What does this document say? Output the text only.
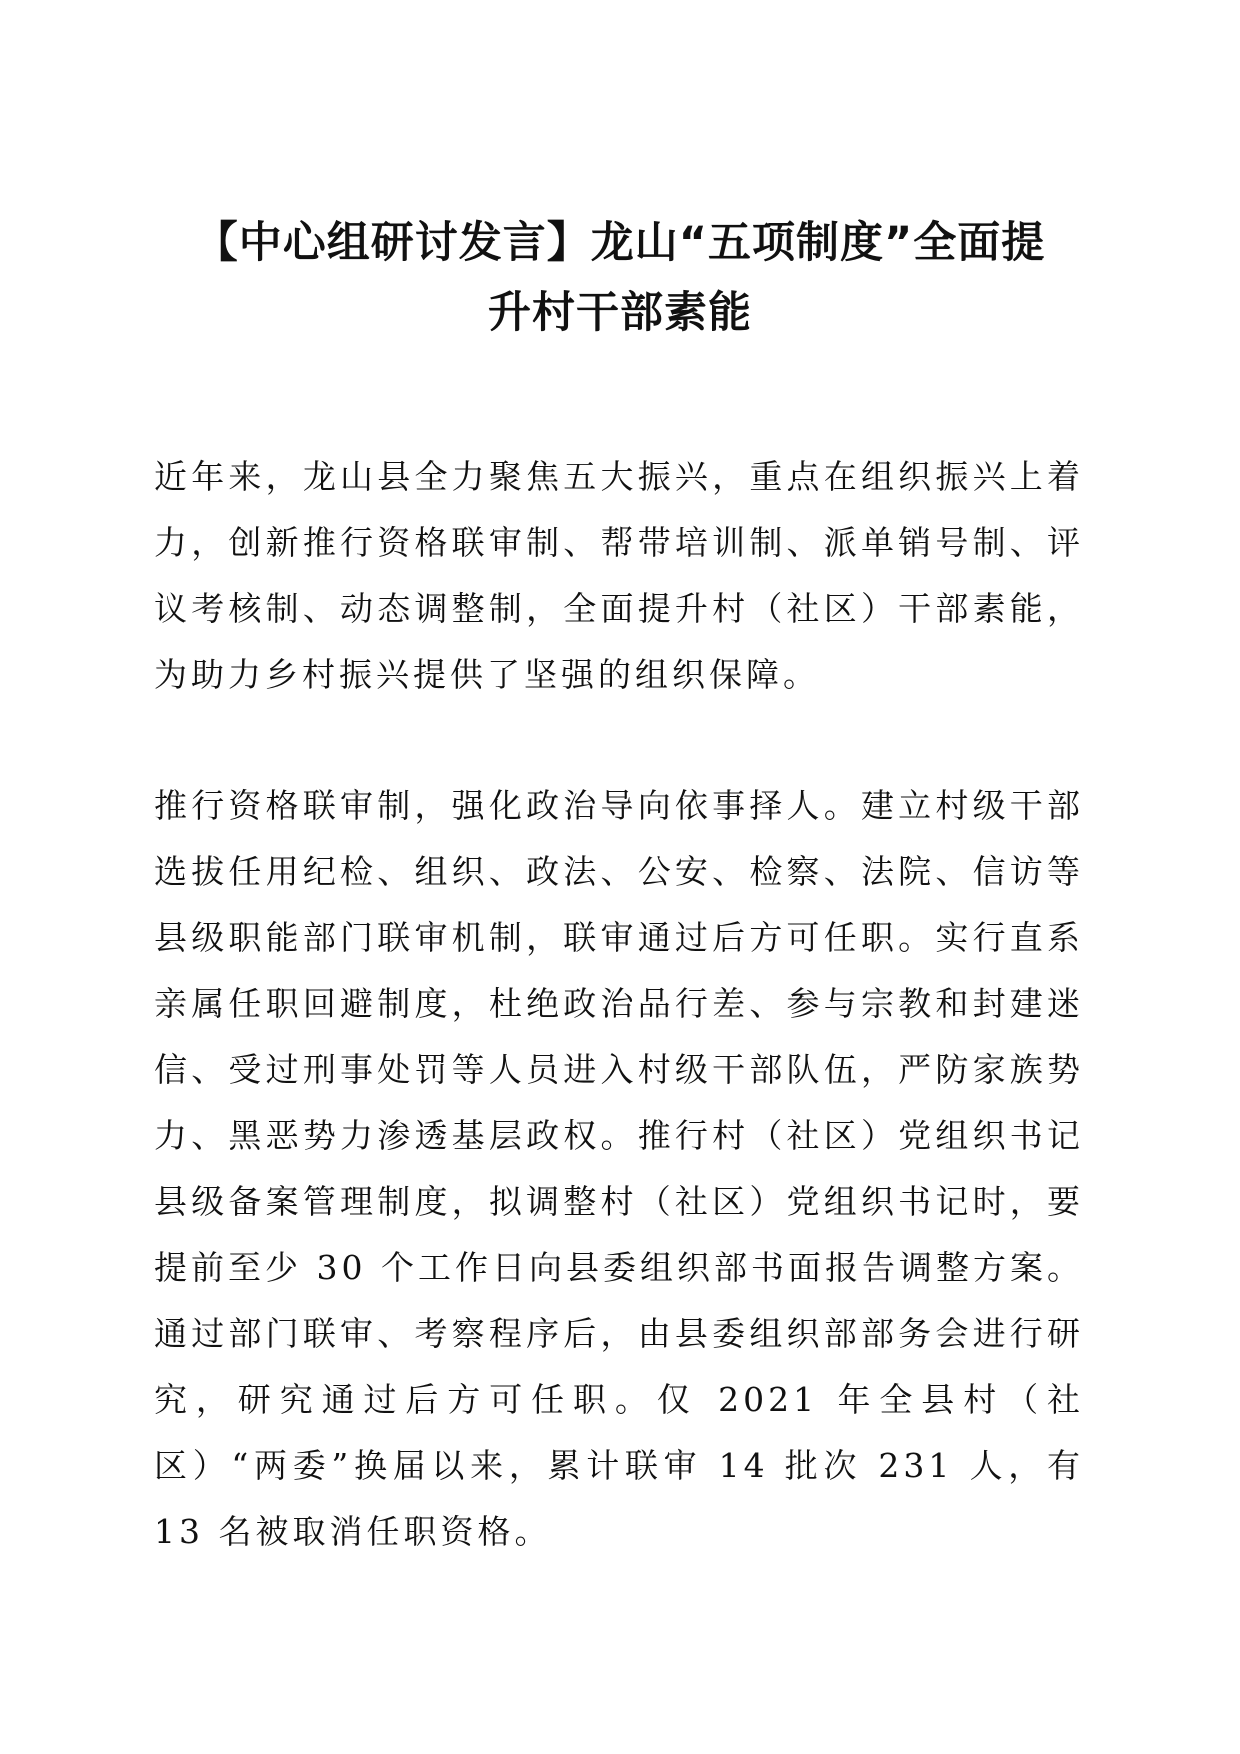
【中心组研讨发言】龙山“五项制度”全面提
升村干部素能

近年来，龙山县全力聚焦五大振兴，重点在组织振兴上着力，创新推行资格联审制、帮带培训制、派单销号制、评议考核制、动态调整制，全面提升村（社区）干部素能，为助力乡村振兴提供了坚强的组织保障。

推行资格联审制，强化政治导向依事择人。建立村级干部选拔任用纪检、组织、政法、公安、检察、法院、信访等县级职能部门联审机制，联审通过后方可任职。实行直系亲属任职回避制度，杜绝政治品行差、参与宗教和封建迷信、受过刑事处罚等人员进入村级干部队伍，严防家族势力、黑恶势力渗透基层政权。推行村（社区）党组织书记县级备案管理制度，拟调整村（社区）党组织书记时，要提前至少 30 个工作日向县委组织部书面报告调整方案。通过部门联审、考察程序后，由县委组织部部务会进行研究，研究通过后方可任职。仅 2021 年全县村（社区）“两委”换届以来，累计联审 14 批次 231 人，有 13 名被取消任职资格。
